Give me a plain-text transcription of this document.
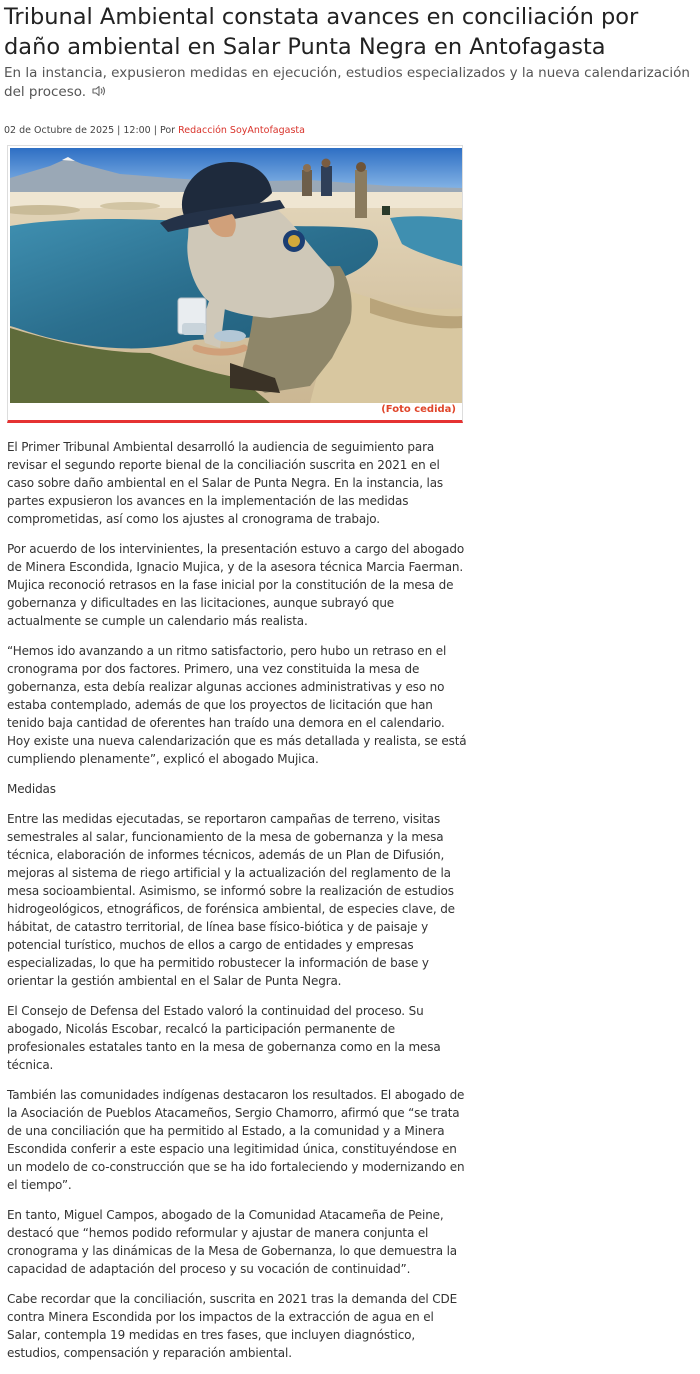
Tribunal Ambiental constata avances en conciliación por daño ambiental en Salar Punta Negra en Antofagasta

En la instancia, expusieron medidas en ejecución, estudios especializados y la nueva calendarización del proceso.

02 de Octubre de 2025 | 12:00 | Por Redacción SoyAntofagasta
(Foto cedida)

El Primer Tribunal Ambiental desarrolló la audiencia de seguimiento para revisar el segundo reporte bienal de la conciliación suscrita en 2021 en el caso sobre daño ambiental en el Salar de Punta Negra. En la instancia, las partes expusieron los avances en la implementación de las medidas comprometidas, así como los ajustes al cronograma de trabajo.

Por acuerdo de los intervinientes, la presentación estuvo a cargo del abogado de Minera Escondida, Ignacio Mujica, y de la asesora técnica Marcia Faerman. Mujica reconoció retrasos en la fase inicial por la constitución de la mesa de gobernanza y dificultades en las licitaciones, aunque subrayó que actualmente se cumple un calendario más realista.

“Hemos ido avanzando a un ritmo satisfactorio, pero hubo un retraso en el cronograma por dos factores. Primero, una vez constituida la mesa de gobernanza, esta debía realizar algunas acciones administrativas y eso no estaba contemplado, además de que los proyectos de licitación que han tenido baja cantidad de oferentes han traído una demora en el calendario. Hoy existe una nueva calendarización que es más detallada y realista, se está cumpliendo plenamente”, explicó el abogado Mujica.

Medidas

Entre las medidas ejecutadas, se reportaron campañas de terreno, visitas semestrales al salar, funcionamiento de la mesa de gobernanza y la mesa técnica, elaboración de informes técnicos, además de un Plan de Difusión, mejoras al sistema de riego artificial y la actualización del reglamento de la mesa socioambiental. Asimismo, se informó sobre la realización de estudios hidrogeológicos, etnográficos, de forénsica ambiental, de especies clave, de hábitat, de catastro territorial, de línea base físico-biótica y de paisaje y potencial turístico, muchos de ellos a cargo de entidades y empresas especializadas, lo que ha permitido robustecer la información de base y orientar la gestión ambiental en el Salar de Punta Negra.

El Consejo de Defensa del Estado valoró la continuidad del proceso. Su abogado, Nicolás Escobar, recalcó la participación permanente de profesionales estatales tanto en la mesa de gobernanza como en la mesa técnica.

También las comunidades indígenas destacaron los resultados. El abogado de la Asociación de Pueblos Atacameños, Sergio Chamorro, afirmó que “se trata de una conciliación que ha permitido al Estado, a la comunidad y a Minera Escondida conferir a este espacio una legitimidad única, constituyéndose en un modelo de co-construcción que se ha ido fortaleciendo y modernizando en el tiempo”.

En tanto, Miguel Campos, abogado de la Comunidad Atacameña de Peine, destacó que “hemos podido reformular y ajustar de manera conjunta el cronograma y las dinámicas de la Mesa de Gobernanza, lo que demuestra la capacidad de adaptación del proceso y su vocación de continuidad”.

Cabe recordar que la conciliación, suscrita en 2021 tras la demanda del CDE contra Minera Escondida por los impactos de la extracción de agua en el Salar, contempla 19 medidas en tres fases, que incluyen diagnóstico, estudios, compensación y reparación ambiental.
